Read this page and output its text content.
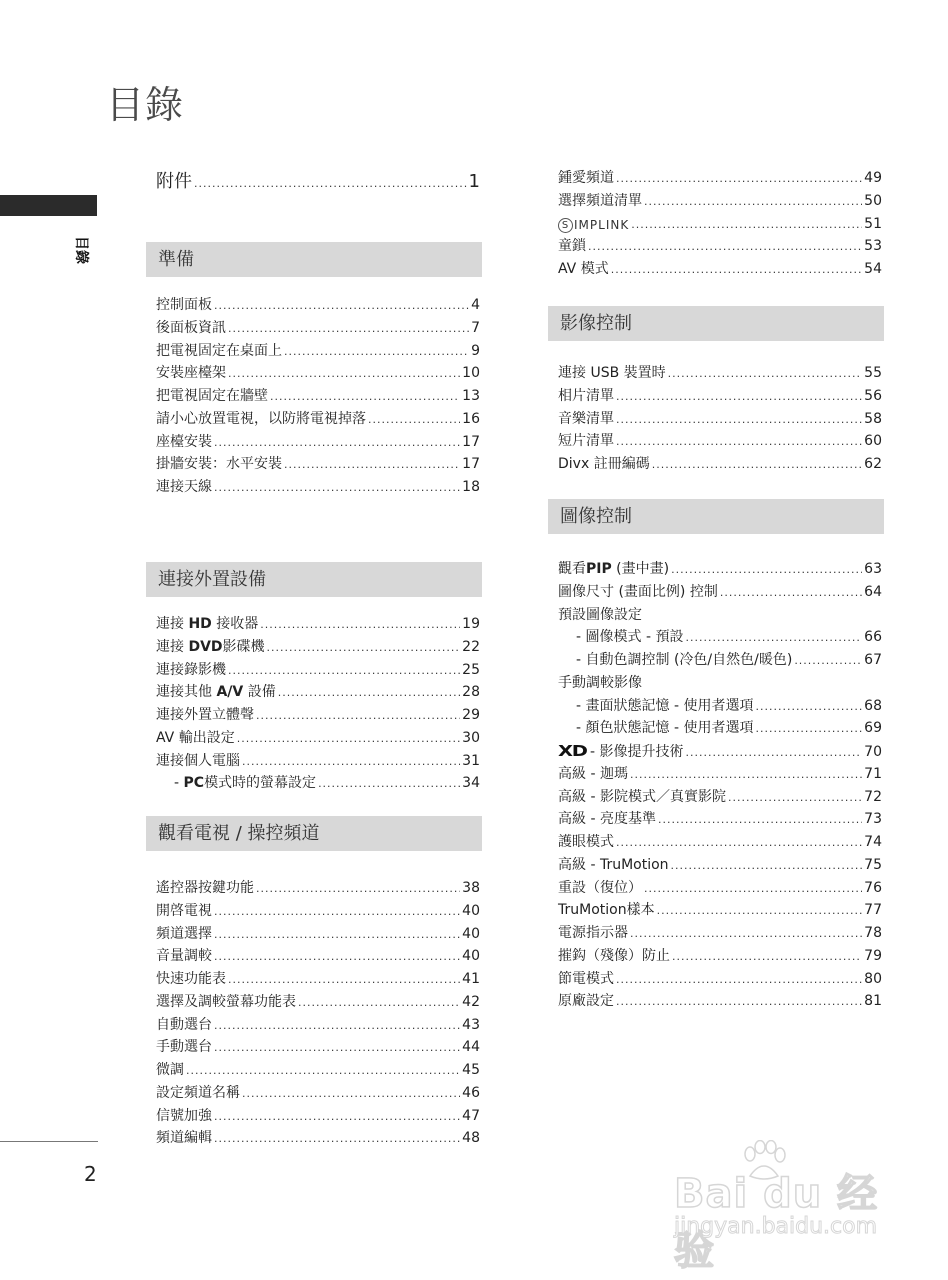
目錄
目錄
附件 .....	1
準備
控制面板 .....	4
後面板資訊 .....	7
把電視固定在桌面上 .....	9
安裝座檯架 .....	10
把電視固定在牆壁 .....	13
請小心放置電視，以防將電視掉落 .....	16
座檯安裝 .....	17
掛牆安裝：水平安裝 .....	17
連接天線 .....	18
連接外置設備
連接 HD 接收器 .....	19
連接 DVD影碟機 .....	22
連接錄影機 .....	25
連接其他 A/V 設備 .....	28
連接外置立體聲 .....	29
AV 輸出設定 .....	30
連接個人電腦 .....	31
- PC模式時的螢幕設定 .....	34
觀看電視 / 操控頻道
遙控器按鍵功能 .....	38
開啓電視 .....	40
頻道選擇 .....	40
音量調較 .....	40
快速功能表 .....	41
選擇及調較螢幕功能表 .....	42
自動選台 .....	43
手動選台 .....	44
微調 .....	45
設定頻道名稱 .....	46
信號加強 .....	47
頻道編輯 .....	48
鍾愛頻道 .....	49
選擇頻道清單 .....	50
S IMPLINK .....	51
童鎖 .....	53
AV 模式 .....	54
影像控制
連接 USB 裝置時 .....	55
相片清單 .....	56
音樂清單 .....	58
短片清單 .....	60
Divx 註冊編碼 .....	62
圖像控制
觀看PIP (畫中畫) .....	63
圖像尺寸 (畫面比例) 控制 .....	64
預設圖像設定
- 圖像模式 - 預設 .....	66
- 自動色調控制 (冷色/自然色/暖色) .....	67
手動調較影像
- 畫面狀態記憶 - 使用者選項 .....	68
- 顏色狀態記憶 - 使用者選項 .....	69
XD - 影像提升技術 .....	70
高級 - 迦瑪 .....	71
高級 - 影院模式／真實影院 .....	72
高級 - 亮度基準 .....	73
護眼模式 .....	74
高級 - TruMotion .....	75
重設（復位） .....	76
TruMotion樣本 .....	77
電源指示器 .....	78
摧鈎（殘像）防止 .....	79
節電模式 .....	80
原廠設定 .....	81
2	Bai du 经验
jingyan.baidu.com
